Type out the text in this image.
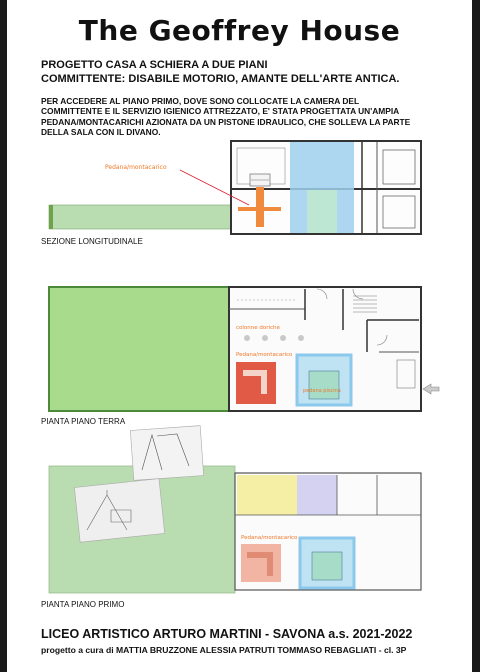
The Geoffrey House
PROGETTO CASA A SCHIERA A DUE PIANI
COMMITTENTE: DISABILE MOTORIO, AMANTE DELL'ARTE ANTICA.
PER ACCEDERE AL PIANO PRIMO, DOVE SONO COLLOCATE LA CAMERA DEL COMMITTENTE E IL SERVIZIO IGIENICO ATTREZZATO, E' STATA PROGETTATA UN'AMPIA PEDANA/MONTACARICHI AZIONATA DA UN PISTONE IDRAULICO, CHE SOLLEVA LA PARTE DELLA SALA CON IL DIVANO.
Pedana/montacarico
SEZIONE LONGITUDINALE
colonne doriche
Pedana/montacarico
pedana piscina
PIANTA PIANO TERRA
Pedana/montacarico
PIANTA PIANO PRIMO
LICEO ARTISTICO ARTURO MARTINI - SAVONA a.s. 2021-2022
progetto a cura di MATTIA BRUZZONE ALESSIA PATRUTI TOMMASO REBAGLIATI - cl. 3P
